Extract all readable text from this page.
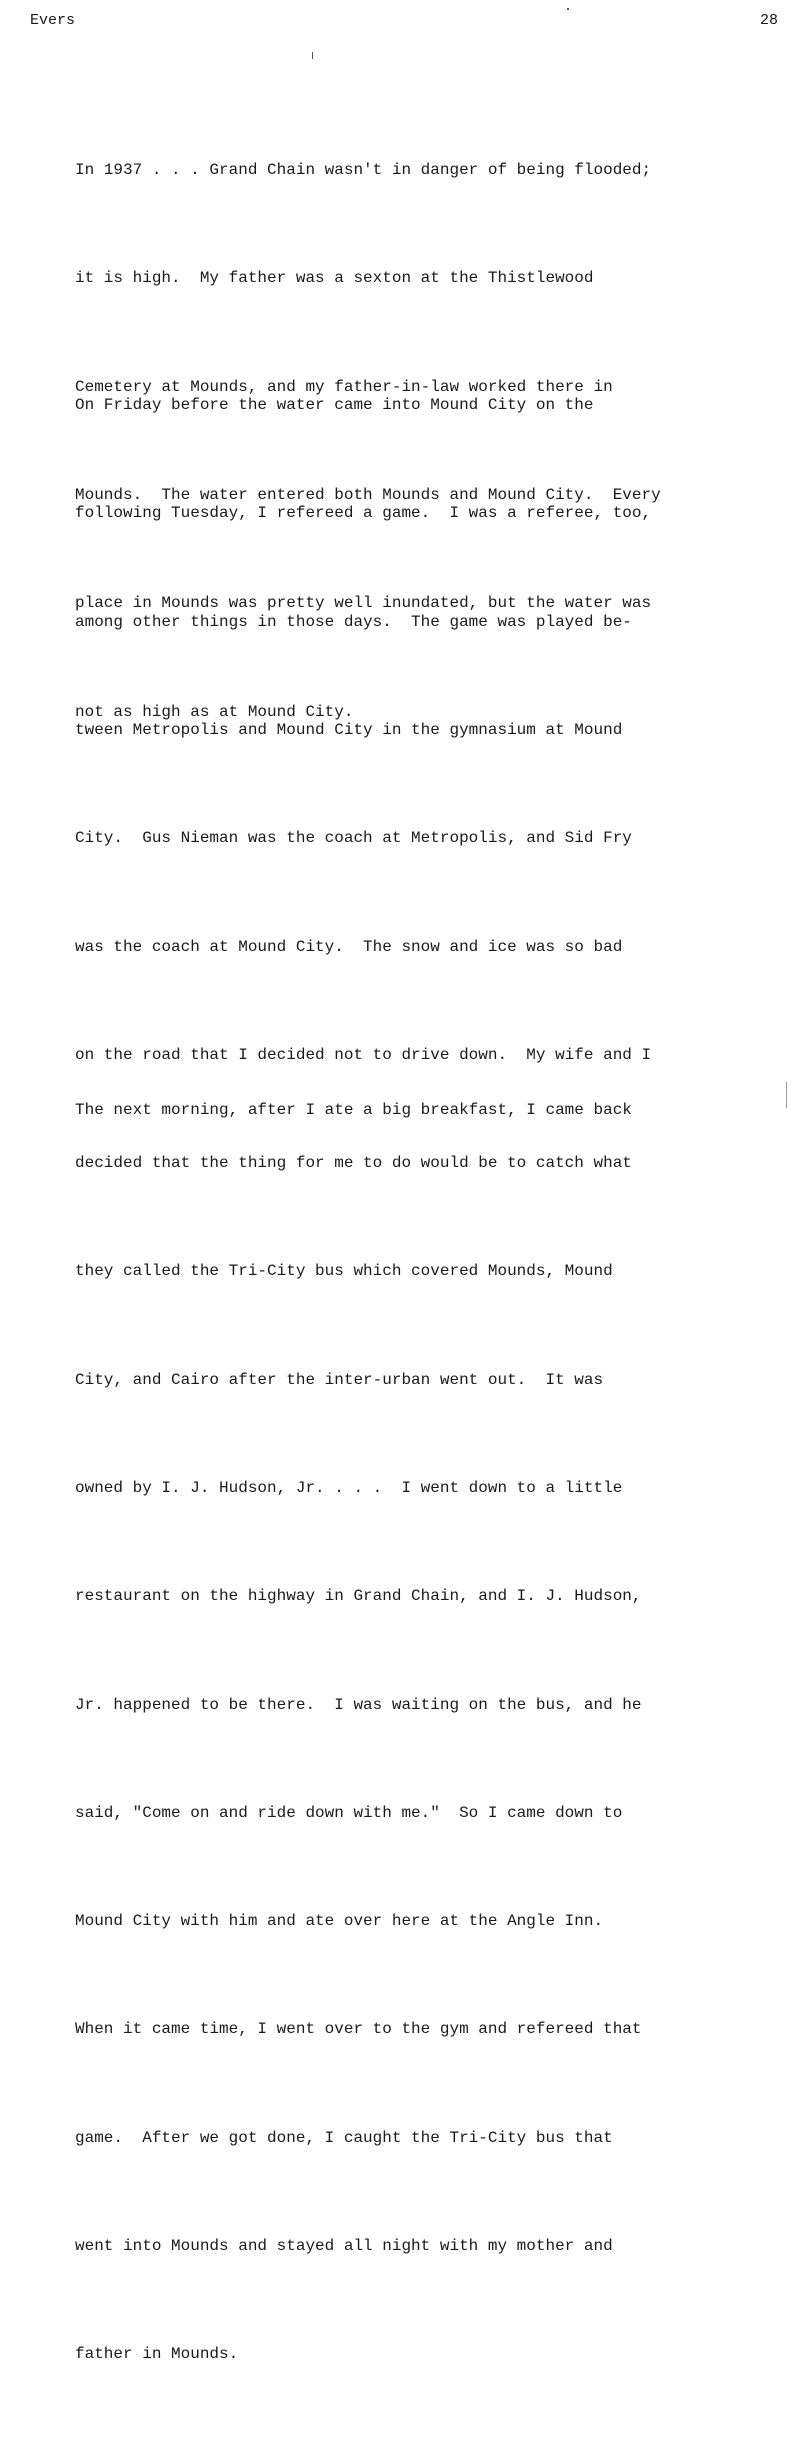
Evers	28

In 1937 . . . Grand Chain wasn't in danger of being flooded;

it is high.  My father was a sexton at the Thistlewood

Cemetery at Mounds, and my father-in-law worked there in

Mounds.  The water entered both Mounds and Mound City.  Every

place in Mounds was pretty well inundated, but the water was

not as high as at Mound City.

On Friday before the water came into Mound City on the

following Tuesday, I refereed a game.  I was a referee, too,

among other things in those days.  The game was played be-

tween Metropolis and Mound City in the gymnasium at Mound

City.  Gus Nieman was the coach at Metropolis, and Sid Fry

was the coach at Mound City.  The snow and ice was so bad

on the road that I decided not to drive down.  My wife and I

decided that the thing for me to do would be to catch what

they called the Tri-City bus which covered Mounds, Mound

City, and Cairo after the inter-urban went out.  It was

owned by I. J. Hudson, Jr. . . .  I went down to a little

restaurant on the highway in Grand Chain, and I. J. Hudson,

Jr. happened to be there.  I was waiting on the bus, and he

said, "Come on and ride down with me."  So I came down to

Mound City with him and ate over here at the Angle Inn.

When it came time, I went over to the gym and refereed that

game.  After we got done, I caught the Tri-City bus that

went into Mounds and stayed all night with my mother and

father in Mounds.

The next morning, after I ate a big breakfast, I came back
